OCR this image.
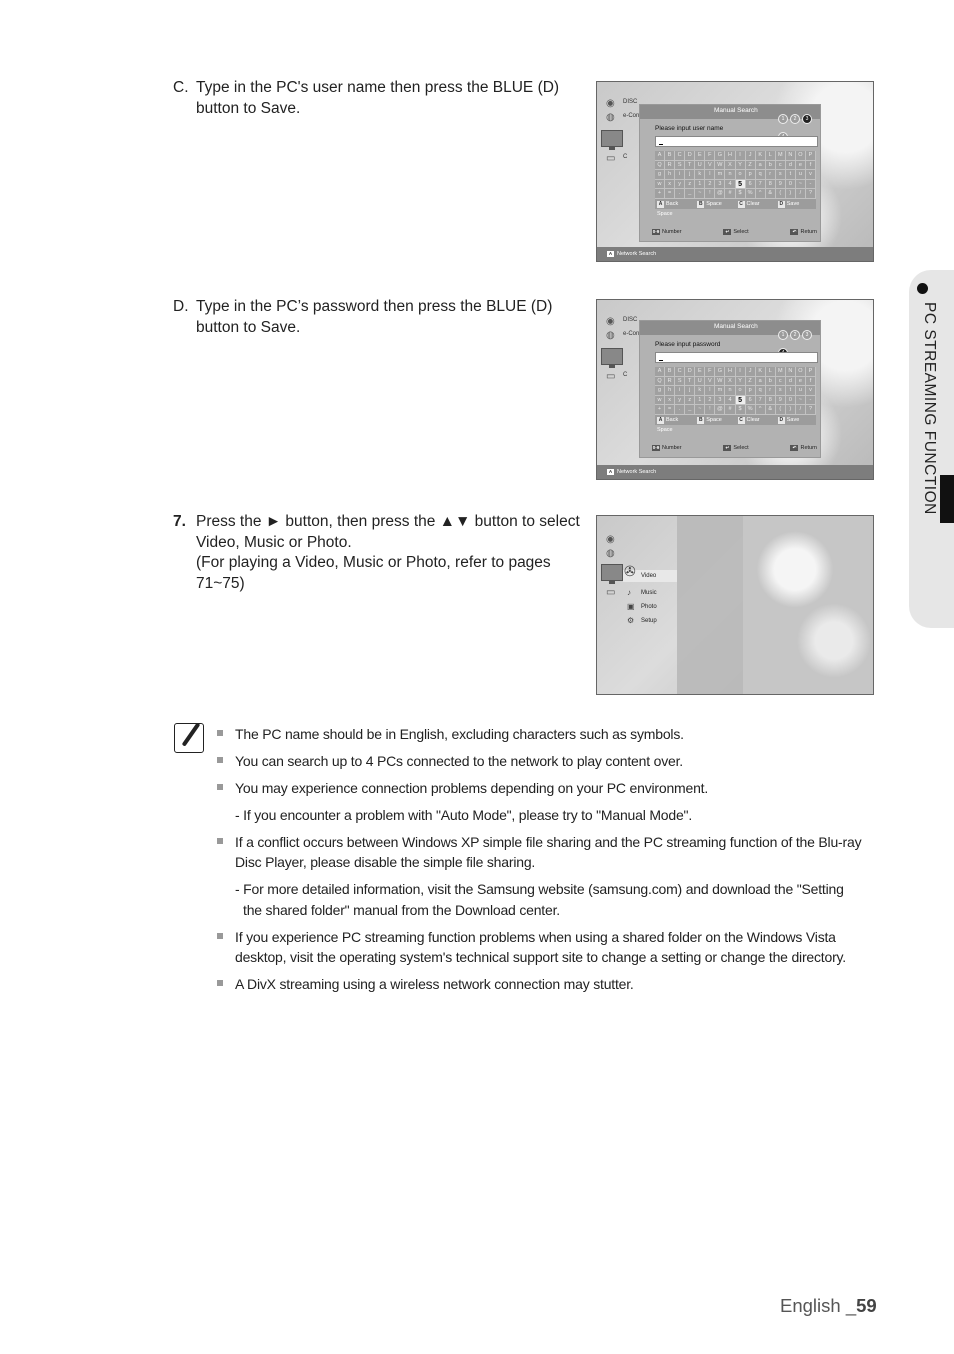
C. Type in the PC's user name then press the BLUE (D) button to Save.
D. Type in the PC’s password then press the BLUE (D) button to Save.
7. Press the ► button, then press the ▲▼ button to select Video, Music or Photo.
(For playing a Video, Music or Photo, refer to pages 71~75)
PC STREAMING FUNCTION
◉	DISC
◍	e-Con
▭	C
Manual Search
1 2 3
Please input user name
A	B	C	D	E	F	G	H	I	J	K	L	M	N	O	P
Q	R	S	T	U	V	W	X	Y	Z	a	b	c	d	e	f
g	h	i	j	k	l	m	n	o	p	q	r	s	t	u	v
w	x	y	z	1	2	3	4 5	6	7	8	9	0	~	-
+	=	.	_	~	!	@	#	$	%	^	&	(	)	/	?
A Back Space
B Space	C Clear	D Save
0-9 Number	↵ Select	↶ Return
A Network Search
◉	DISC
◍	e-Con
▭	C
Manual Search
1 2 3
Please input password
A	B	C	D	E	F	G	H	I	J	K	L	M	N	O	P
Q	R	S	T	U	V	W	X	Y	Z	a	b	c	d	e	f
g	h	i	j	k	l	m	n	o	p	q	r	s	t	u	v
w	x	y	z	1	2	3	4 5	6	7	8	9	0	~	-
+	=	.	_	~	!	@	#	$	%	^	&	(	)	/	?
A Back Space
B Space	C Clear	D Save
0-9 Number	↵ Select	↶ Return
A Network Search
◉
◍
▭
Video
✇
♪ Music
▣ Photo
⚙ Setup
The PC name should be in English, excluding characters such as symbols.
You can search up to 4 PCs connected to the network to play content over.
You may experience connection problems depending on your PC environment.
- If you encounter a problem with "Auto Mode", please try to "Manual Mode".
If a conflict occurs between Windows XP simple file sharing and the PC streaming function of the Blu-ray Disc Player, please disable the simple file sharing.
- For more detailed information, visit the Samsung website (samsung.com) and download the "Setting the shared folder" manual from the Download center.
If you experience PC streaming function problems when using a shared folder on the Windows Vista desktop, visit the operating system's technical support site to change a setting or change the directory.
A DivX streaming using a wireless network connection may stutter.
English _59
